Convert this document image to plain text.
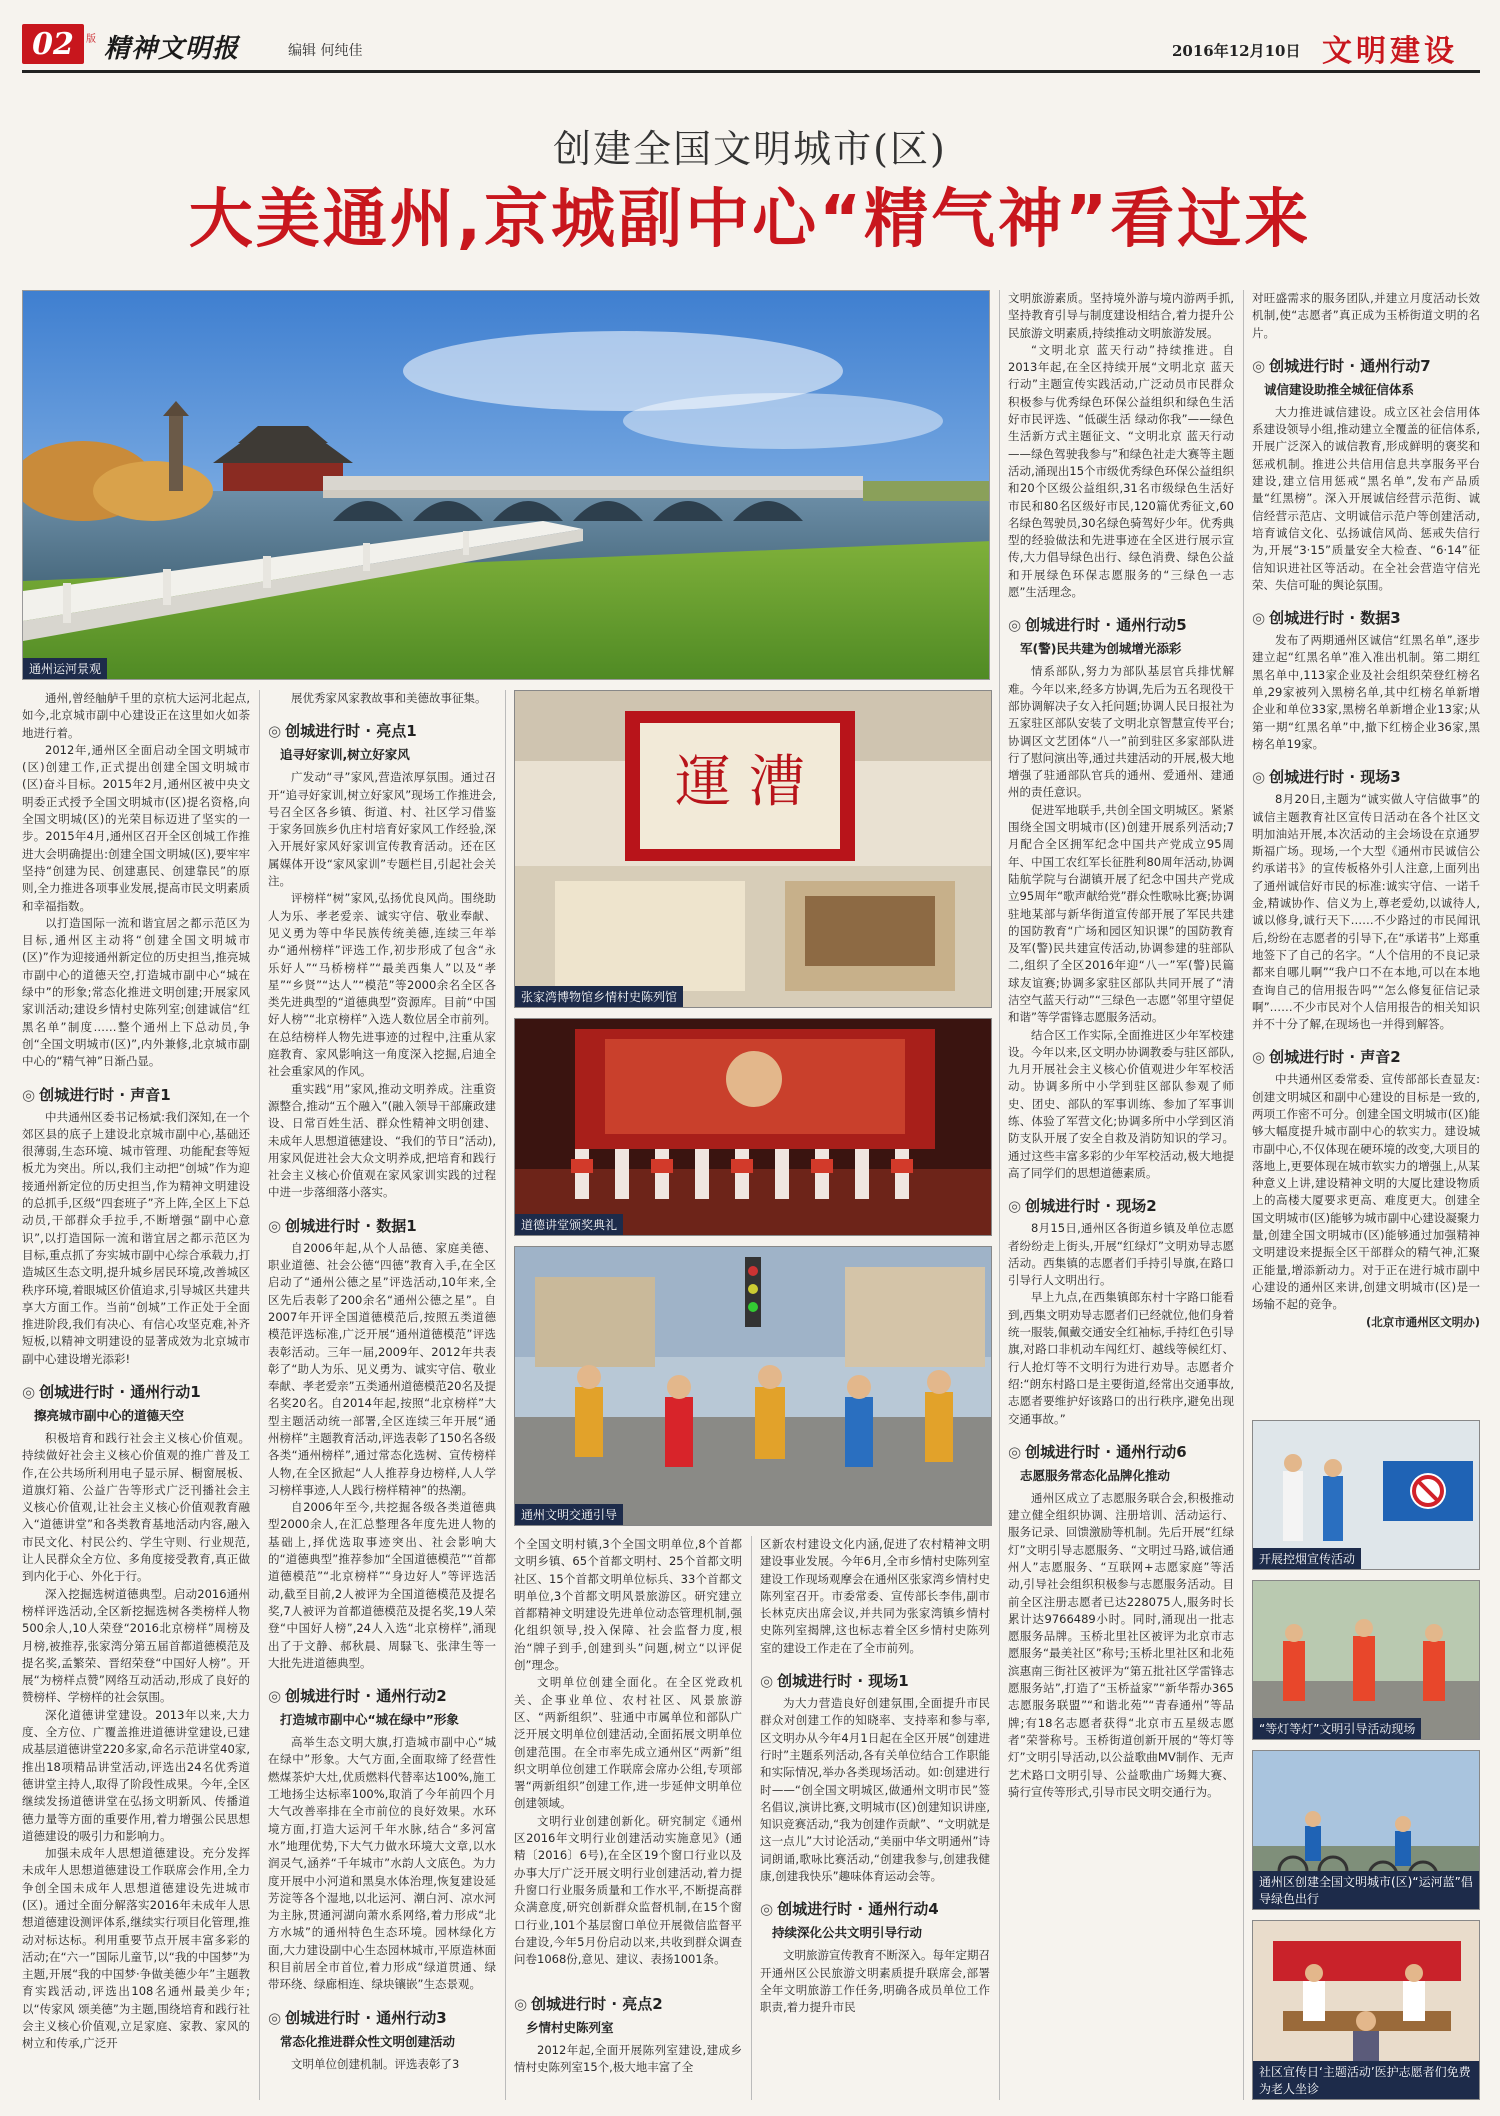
02	版 精神文明报	编辑 何纯佳	2016年12月10日 文明建设
创建全国文明城市(区)
大美通州,京城副中心“精气神”看过来
通州运河景观

通州,曾经舳舻千里的京杭大运河北起点,如今,北京城市副中心建设正在这里如火如荼地进行着。

2012年,通州区全面启动全国文明城市(区)创建工作,正式提出创建全国文明城市(区)奋斗目标。2015年2月,通州区被中央文明委正式授予全国文明城市(区)提名资格,向全国文明城(区)的光荣目标迈进了坚实的一步。2015年4月,通州区召开全区创城工作推进大会明确提出:创建全国文明城(区),要牢牢坚持“创建为民、创建惠民、创建靠民”的原则,全力推进各项事业发展,提高市民文明素质和幸福指数。

以打造国际一流和谐宜居之都示范区为目标,通州区主动将“创建全国文明城市(区)”作为迎接通州新定位的历史担当,推亮城市副中心的道德天空,打造城市副中心“城在绿中”的形象;常态化推进文明创建;开展家风家训活动;建设乡情村史陈列室;创建诚信“红黑名单”制度……整个通州上下总动员,争创“全国文明城市(区)”,内外兼修,北京城市副中心的“精气神”日渐凸显。

◎ 创城进行时 · 声音1

中共通州区委书记杨斌:我们深知,在一个郊区县的底子上建设北京城市副中心,基础还很薄弱,生态环境、城市管理、功能配套等短板尤为突出。所以,我们主动把“创城”作为迎接通州新定位的历史担当,作为精神文明建设的总抓手,区级“四套班子”齐上阵,全区上下总动员,干部群众手拉手,不断增强“副中心意识”,以打造国际一流和谐宜居之都示范区为目标,重点抓了夯实城市副中心综合承载力,打造城区生态文明,提升城乡居民环境,改善城区秩序环境,着眼城区价值追求,引导城区共建共享大方面工作。当前“创城”工作正处于全面推进阶段,我们有决心、有信心攻坚克难,补齐短板,以精神文明建设的显著成效为北京城市副中心建设增光添彩!

◎ 创城进行时 · 通州行动1
擦亮城市副中心的道德天空

积极培育和践行社会主义核心价值观。持续做好社会主义核心价值观的推广普及工作,在公共场所利用电子显示屏、橱窗展板、道旗灯箱、公益广告等形式广泛刊播社会主义核心价值观,让社会主义核心价值观教育融入“道德讲堂”和各类教育基地活动内容,融入市民文化、村民公约、学生守则、行业规范,让人民群众全方位、多角度接受教育,真正做到内化于心、外化于行。

深入挖掘选树道德典型。启动2016通州榜样评选活动,全区新挖掘选树各类榜样人物500余人,10人荣登“2016北京榜样”周榜及月榜,被推荐,张家湾分第五届首都道德模范及提名奖,孟繁荣、晋绍荣登“中国好人榜”。开展“为榜样点赞”网络互动活动,形成了良好的赞榜样、学榜样的社会氛围。

深化道德讲堂建设。2013年以来,大力度、全方位、广覆盖推进道德讲堂建设,已建成基层道德讲堂220多家,命名示范讲堂40家,推出18项精品讲堂活动,评选出24名优秀道德讲堂主持人,取得了阶段性成果。今年,全区继续发扬道德讲堂在弘扬文明新风、传播道德力量等方面的重要作用,着力增强公民思想道德建设的吸引力和影响力。

加强未成年人思想道德建设。充分发挥未成年人思想道德建设工作联席会作用,全力争创全国未成年人思想道德建设先进城市(区)。通过全面分解落实2016年未成年人思想道德建设测评体系,继续实行项目化管理,推动对标达标。利用重要节点开展丰富多彩的活动;在“六一”国际儿童节,以“我的中国梦”为主题,开展“我的中国梦·争做美德少年”主题教育实践活动,评选出108名通州最美少年;以“传家风 颂美德”为主题,围绕培育和践行社会主义核心价值观,立足家庭、家教、家风的树立和传承,广泛开

展优秀家风家教故事和美德故事征集。

◎ 创城进行时 · 亮点1
追寻好家训,树立好家风

广发动“寻”家风,营造浓厚氛围。通过召开“追寻好家训,树立好家风”现场工作推进会,号召全区各乡镇、街道、村、社区学习借鉴于家务回族乡仇庄村培育好家风工作经验,深入开展好家风好家训宣传教育活动。还在区属媒体开设“家风家训”专题栏目,引起社会关注。

评榜样“树”家风,弘扬优良风尚。围绕助人为乐、孝老爱亲、诚实守信、敬业奉献、见义勇为等中华民族传统美德,连续三年举办“通州榜样”评选工作,初步形成了包含“永乐好人”“马桥榜样”“最美西集人”以及“孝星”“乡贤”“达人”“模范”等2000余名全区各类先进典型的“道德典型”资源库。目前“中国好人榜”“北京榜样”入选人数位居全市前列。在总结榜样人物先进事迹的过程中,注重从家庭教育、家风影响这一角度深入挖掘,启迪全社会重家风的作风。

重实践“用”家风,推动文明养成。注重资源整合,推动“五个融入”(融入领导干部廉政建设、日常百姓生活、群众性精神文明创建、未成年人思想道德建设、“我们的节日”活动),用家风促进社会大众文明养成,把培育和践行社会主义核心价值观在家风家训实践的过程中进一步落细落小落实。

◎ 创城进行时 · 数据1

自2006年起,从个人品德、家庭美德、职业道德、社会公德“四德”教育入手,在全区启动了“通州公德之星”评选活动,10年来,全区先后表彰了200余名“通州公德之星”。自2007年开评全国道德模范后,按照五类道德模范评选标准,广泛开展“通州道德模范”评选表彰活动。三年一届,2009年、2012年共表彰了“助人为乐、见义勇为、诚实守信、敬业奉献、孝老爱亲”五类通州道德模范20名及提名奖20名。自2014年起,按照“北京榜样”大型主题活动统一部署,全区连续三年开展“通州榜样”主题教育活动,评选表彰了150名各级各类“通州榜样”,通过常态化选树、宣传榜样人物,在全区掀起“人人推荐身边榜样,人人学习榜样事迹,人人践行榜样精神”的热潮。

自2006年至今,共挖掘各级各类道德典型2000余人,在汇总整理各年度先进人物的基础上,择优选取事迹突出、社会影响大的“道德典型”推荐参加“全国道德模范”“首都道德模范”“北京榜样”“身边好人”等评选活动,截至目前,2人被评为全国道德模范及提名奖,7人被评为首都道德模范及提名奖,19人荣登“中国好人榜”,24人入选“北京榜样”,涌现出了于文静、郝秋晨、周騄飞、张津生等一大批先进道德典型。

◎ 创城进行时 · 通州行动2
打造城市副中心“城在绿中”形象

高举生态文明大旗,打造城市副中心“城在绿中”形象。大气方面,全面取缔了经营性燃煤茶炉大灶,优质燃料代替率达100%,施工工地扬尘达标率100%,取消了今年前四个月大气改善率排在全市前位的良好效果。水环境方面,打造大运河千年水脉,结合“多河富水”地理优势,下大气力做水环境大文章,以水润灵气,涵养“千年城市”水韵人文底色。为力度开展中小河道和黑臭水体治理,恢复建设延芳淀等各个湿地,以北运河、潮白河、凉水河为主脉,贯通河湖向萧水系网络,着力形成“北方水城”的通州特色生态环境。园林绿化方面,大力建设副中心生态园林城市,平原造林面积目前居全市首位,着力形成“绿道贯通、绿带环绕、绿廊相连、绿块镶嵌”生态景观。

◎ 创城进行时 · 通州行动3
常态化推进群众性文明创建活动

文明单位创建机制。评选表彰了3

運 漕
张家湾博物馆乡情村史陈列馆
道德讲堂颁奖典礼
通州文明交通引导

个全国文明村镇,3个全国文明单位,8个首都文明乡镇、65个首都文明村、25个首都文明社区、15个首都文明单位标兵、33个首都文明单位,3个首都文明风景旅游区。研究建立首都精神文明建设先进单位动态管理机制,强化组织领导,投入保障、社会监督力度,根治“牌子到手,创建到头”问题,树立“以评促创”理念。

文明单位创建全面化。在全区党政机关、企事业单位、农村社区、风景旅游区、“两新组织”、驻通中市属单位和部队广泛开展文明单位创建活动,全面拓展文明单位创建范围。在全市率先成立通州区“两新”组织文明单位创建工作联席会席办公组,专项部署“两新组织”创建工作,进一步延伸文明单位创建领域。

文明行业创建创新化。研究制定《通州区2016年文明行业创建活动实施意见》(通精〔2016〕6号),在全区19个窗口行业以及办事大厅广泛开展文明行业创建活动,着力提升窗口行业服务质量和工作水平,不断提高群众满意度,研究创新群众监督机制,在15个窗口行业,101个基层窗口单位开展微信监督平台建设,今年5月份启动以来,共收到群众调查问卷1068份,意见、建议、表扬1001条。

◎ 创城进行时 · 亮点2
乡情村史陈列室

2012年起,全面开展陈列室建设,建成乡情村史陈列室15个,极大地丰富了全

区新农村建设文化内涵,促进了农村精神文明建设事业发展。今年6月,全市乡情村史陈列室建设工作现场观摩会在通州区张家湾乡情村史陈列室召开。市委常委、宣传部长李伟,副市长林克庆出席会议,并共同为张家湾镇乡情村史陈列室揭牌,这也标志着全区乡情村史陈列室的建设工作走在了全市前列。

◎ 创城进行时 · 现场1

为大力营造良好创建氛围,全面提升市民群众对创建工作的知晓率、支持率和参与率,区文明办从今年4月1日起在全区开展“创建进行时”主题系列活动,各有关单位结合工作职能和实际情况,举办各类现场活动。如:创建进行时——“创全国文明城区,做通州文明市民”签名倡议,演讲比赛,文明城市(区)创建知识讲座,知识竞赛活动,“我为创建作贡献”、“文明就是这一点儿”大讨论活动,“美丽中华文明通州”诗词朗诵,歌咏比赛活动,“创建我参与,创建我健康,创建我快乐”趣味体育运动会等。

◎ 创城进行时 · 通州行动4
持续深化公共文明引导行动

文明旅游宣传教育不断深入。每年定期召开通州区公民旅游文明素质提升联席会,部署全年文明旅游工作任务,明确各成员单位工作职责,着力提升市民

文明旅游素质。坚持境外游与境内游两手抓,坚持教育引导与制度建设相结合,着力提升公民旅游文明素质,持续推动文明旅游发展。

“文明北京 蓝天行动”持续推进。自2013年起,在全区持续开展“文明北京 蓝天行动”主题宣传实践活动,广泛动员市民群众积极参与优秀绿色环保公益组织和绿色生活好市民评选、“低碳生活 绿动你我”——绿色生活新方式主题征文、“文明北京 蓝天行动——绿色驾驶我参与”和绿色社走大赛等主题活动,涌现出15个市级优秀绿色环保公益组织和20个区级公益组织,31名市级绿色生活好市民和80名区级好市民,120篇优秀征文,60名绿色驾驶员,30名绿色骑驾好少年。优秀典型的经验做法和先进事迹在全区进行展示宣传,大力倡导绿色出行、绿色消费、绿色公益和开展绿色环保志愿服务的“三绿色一志愿”生活理念。

◎ 创城进行时 · 通州行动5
军(警)民共建为创城增光添彩

情系部队,努力为部队基层官兵排忧解难。今年以来,经多方协调,先后为五名现役干部协调解决子女入托问题;协调人民日报社为五家驻区部队安装了文明北京智慧宣传平台;协调区文艺团体“八一”前到驻区多家部队进行了慰问演出等,通过共建活动的开展,极大地增强了驻通部队官兵的通州、爱通州、建通州的责任意识。

促进军地联手,共创全国文明城区。紧紧围绕全国文明城市(区)创建开展系列活动;7月配合全区拥军纪念中国共产党成立95周年、中国工农红军长征胜利80周年活动,协调陆航学院与台湖镇开展了纪念中国共产党成立95周年“歌声献给党”群众性歌咏比赛;协调驻地某部与新华街道宣传部开展了军民共建的国防教育“广场和园区知识课”的国防教育及军(警)民共建宣传活动,协调参建的驻部队二,组织了全区2016年迎“八一”军(警)民篇球友谊赛;协调多家驻区部队共同开展了“清洁空气蓝天行动”“三绿色一志愿”邻里守望促和谐”等学雷锋志愿服务活动。

结合区工作实际,全面推进区少年军校建设。今年以来,区文明办协调教委与驻区部队,九月开展社会主义核心价值观进少年军校活动。协调多所中小学到驻区部队参观了师史、团史、部队的军事训练、参加了军事训练、体验了军营文化;协调多所中小学到区消防支队开展了安全自救及消防知识的学习。通过这些丰富多彩的少年军校活动,极大地提高了同学们的思想道德素质。

◎ 创城进行时 · 现场2

8月15日,通州区各街道乡镇及单位志愿者纷纷走上街头,开展“红绿灯”文明劝导志愿活动。西集镇的志愿者们手持引导旗,在路口引导行人文明出行。

早上九点,在西集镇郎东村十字路口能看到,西集文明劝导志愿者们已经就位,他们身着统一服装,佩戴交通安全红袖标,手持红色引导旗,对路口非机动车闯红灯、越线等候红灯、行人抢灯等不文明行为进行劝导。志愿者介绍:“朗东村路口是主要街道,经常出交通事故,志愿者要维护好该路口的出行秩序,避免出现交通事故。”

◎ 创城进行时 · 通州行动6
志愿服务常态化品牌化推动

通州区成立了志愿服务联合会,积极推动建立健全组织协调、注册培训、活动运行、服务记录、回馈激励等机制。先后开展“红绿灯”文明引导志愿服务、“文明过马路,诚信通州人”志愿服务、“互联网+志愿家庭”等活动,引导社会组织积极参与志愿服务活动。目前全区注册志愿者已达228075人,服务时长累计达9766489小时。同时,涌现出一批志愿服务品牌。玉桥北里社区被评为北京市志愿服务“最美社区”称号;玉桥北里社区和北苑滨惠南三街社区被评为“第五批社区学雷锋志愿服务站”,打造了“玉桥益家”“新华帮办365志愿服务联盟”“和谐北苑”“青春通州”等品牌;有18名志愿者获得“北京市五星级志愿者”荣誉称号。玉桥街道创新开展的“等灯等灯”文明引导活动,以公益歌曲MV制作、无声艺术路口文明引导、公益歌曲广场舞大赛、骑行宣传等形式,引导市民文明交通行为。

对旺盛需求的服务团队,并建立月度活动长效机制,使“志愿者”真正成为玉桥街道文明的名片。

◎ 创城进行时 · 通州行动7
诚信建设助推全城征信体系

大力推进诚信建设。成立区社会信用体系建设领导小组,推动建立全覆盖的征信体系,开展广泛深入的诚信教育,形成鲜明的褒奖和惩戒机制。推进公共信用信息共享服务平台建设,建立信用惩戒“黑名单”,发布产品质量“红黑榜”。深入开展诚信经营示范街、诚信经营示范店、文明诚信示范户等创建活动,培育诚信文化、弘扬诚信风尚、惩戒失信行为,开展“3·15”质量安全大检查、“6·14”征信知识进社区等活动。在全社会营造守信光荣、失信可耻的舆论氛围。

◎ 创城进行时 · 数据3

发布了两期通州区诚信“红黑名单”,逐步建立起“红黑名单”准入准出机制。第二期红黑名单中,113家企业及社会组织荣登红榜名单,29家被列入黑榜名单,其中红榜名单新增企业和单位33家,黑榜名单新增企业13家;从第一期“红黑名单”中,撤下红榜企业36家,黑榜名单19家。

◎ 创城进行时 · 现场3

8月20日,主题为“诚实做人守信做事”的诚信主题教育社区宣传日活动在各个社区文明加油站开展,本次活动的主会场设在京通罗斯福广场。现场,一个大型《通州市民诚信公约承诺书》的宣传板格外引人注意,上面列出了通州诚信好市民的标准:诚实守信、一诺千金,精诚协作、信义为上,尊老爱幼,以诚待人,诚以修身,诚行天下……不少路过的市民闻讯后,纷纷在志愿者的引导下,在“承诺书”上郑重地签下了自己的名字。“人个信用的不良记录都来自哪儿啊”“我户口不在本地,可以在本地查询自己的信用报告吗”“怎么修复征信记录啊”……不少市民对个人信用报告的相关知识并不十分了解,在现场也一并得到解答。

◎ 创城进行时 · 声音2

中共通州区委常委、宣传部部长查显友:创建文明城区和副中心建设的目标是一致的,两项工作密不可分。创建全国文明城市(区)能够大幅度提升城市副中心的软实力。建设城市副中心,不仅体现在硬环境的改变,大项目的落地上,更要体现在城市软实力的增强上,从某种意义上讲,建设精神文明的大厦比建设物质上的高楼大厦要求更高、难度更大。创建全国文明城市(区)能够为城市副中心建设凝聚力量,创建全国文明城市(区)能够通过加强精神文明建设来提振全区干部群众的精气神,汇聚正能量,增添新动力。对于正在进行城市副中心建设的通州区来讲,创建文明城市(区)是一场输不起的竞争。

(北京市通州区文明办)

开展控烟宣传活动
“等灯等灯”文明引导活动现场
通州区创建全国文明城市(区)“运河蓝”倡导绿色出行
社区宣传日‘主题活动’医护志愿者们免费为老人坐诊
